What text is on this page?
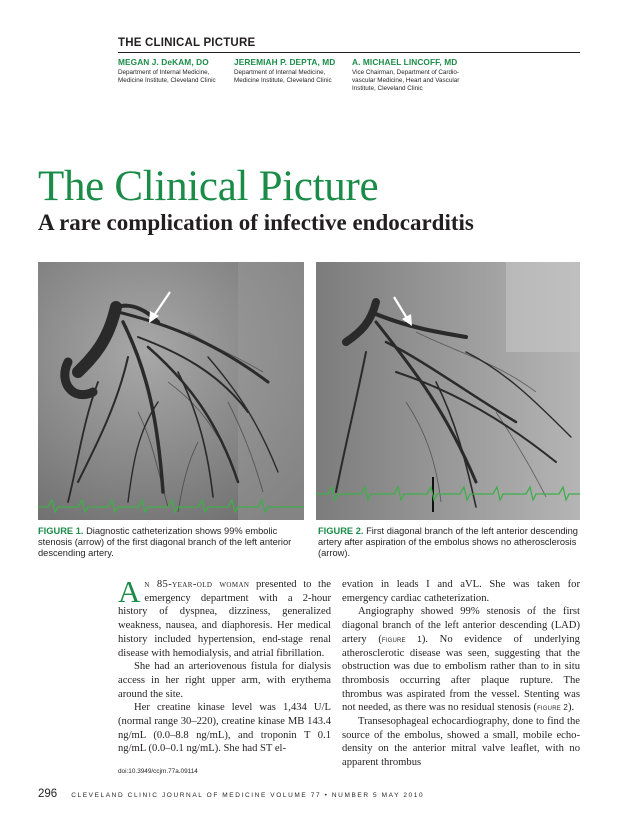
THE CLINICAL PICTURE
MEGAN J. DeKAM, DO
Department of Internal Medicine, Medicine Institute, Cleveland Clinic
JEREMIAH P. DEPTA, MD
Department of Internal Medicine, Medicine Institute, Cleveland Clinic
A. MICHAEL LINCOFF, MD
Vice Chairman, Department of Cardio-vascular Medicine, Heart and Vascular Institute, Cleveland Clinic
The Clinical Picture
A rare complication of infective endocarditis
FIGURE 1. Diagnostic catheterization shows 99% embolic stenosis (arrow) of the first diagonal branch of the left anterior descending artery.
FIGURE 2. First diagonal branch of the left anterior descending artery after aspiration of the embolus shows no atherosclerosis (arrow).

An 85-year-old woman presented to the emergency department with a 2-hour history of dyspnea, dizziness, generalized weakness, nausea, and diaphoresis. Her medical history included hypertension, end-stage renal disease with hemodialysis, and atrial fibrillation.

She had an arteriovenous fistula for dialysis access in her right upper arm, with erythema around the site.

Her creatine kinase level was 1,434 U/L (normal range 30–220), creatine kinase MB 143.4 ng/mL (0.0–8.8 ng/mL), and troponin T 0.1 ng/mL (0.0–0.1 ng/mL). She had ST el-

doi:10.3949/ccjm.77a.09114

evation in leads I and aVL. She was taken for emergency cardiac catheterization.

Angiography showed 99% stenosis of the first diagonal branch of the left anterior descending (LAD) artery (figure 1). No evidence of underlying atherosclerotic disease was seen, suggesting that the obstruction was due to embolism rather than to in situ thrombosis occurring after plaque rupture. The thrombus was aspirated from the vessel. Stenting was not needed, as there was no residual stenosis (figure 2).

Transesophageal echocardiography, done to find the source of the embolus, showed a small, mobile echo-density on the anterior mitral valve leaflet, with no apparent thrombus

296 CLEVELAND CLINIC JOURNAL OF MEDICINE VOLUME 77 • NUMBER 5 MAY 2010
